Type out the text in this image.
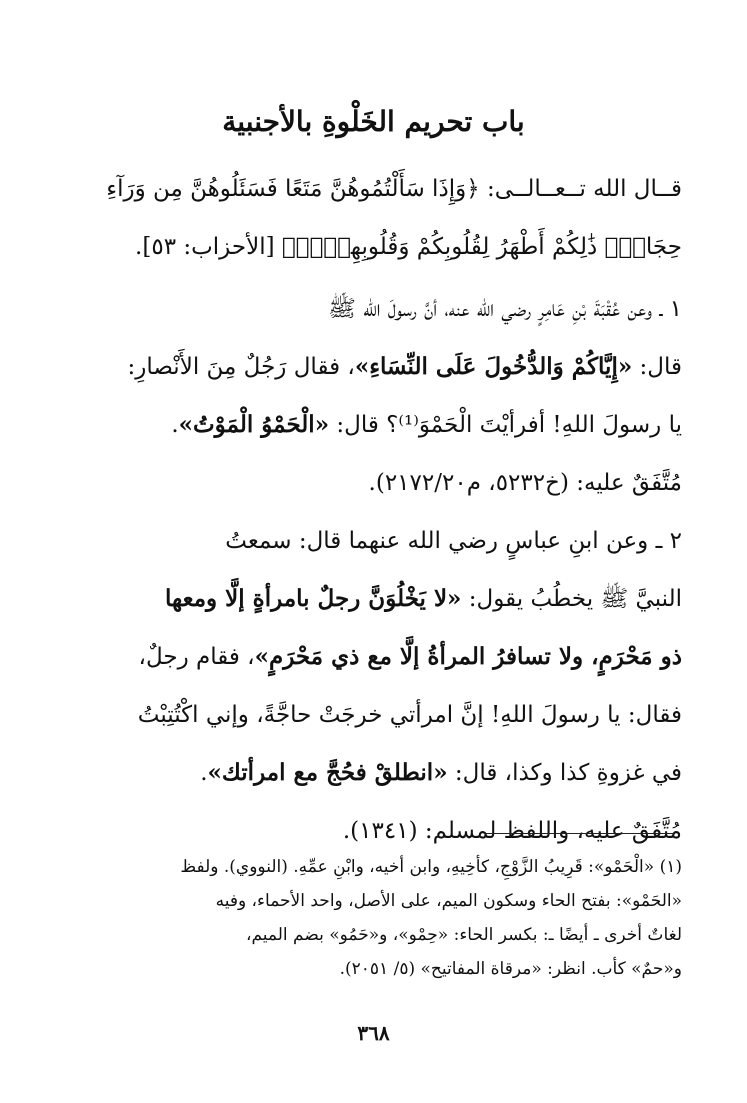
باب تحريم الخَلْوةِ بالأجنبية
قــال الله تــعــالــى: ﴿وَإِذَا سَأَلْتُمُوهُنَّ مَتَعًا فَسَئَلُوهُنَّ مِن وَرَآءِ
حِجَابٍۚ ذَٰلِكُمْ أَطْهَرُ لِقُلُوبِكُمْ وَقُلُوبِهِنَّۚ﴾ [الأحزاب: ٥٣].
١ ـ وعن عُقْبَةَ بْنِ عَامِرٍ رضي الله عنه، أنَّ رسولَ الله ﷺ
قال: «إِيَّاكُمْ وَالدُّخُولَ عَلَى النِّسَاءِ»، فقال رَجُلٌ مِنَ الأَنْصارِ:
يا رسولَ اللهِ! أفرأيْتَ الْحَمْوَ⁽¹⁾؟ قال: «الْحَمْوُ الْمَوْتُ».
مُتَّفَقٌ عليه: (خ٥٢٣٢، م٢١٧٢/٢٠).
٢ ـ وعن ابنِ عباسٍ رضي الله عنهما قال: سمعتُ
النبيَّ ﷺ يخطُبُ يقول: «لا يَخْلُوَنَّ رجلٌ بامرأةٍ إلَّا ومعها
ذو مَحْرَمٍ، ولا تسافرُ المرأةُ إلَّا مع ذي مَحْرَمٍ»، فقام رجلٌ،
فقال: يا رسولَ اللهِ! إنَّ امرأتي خرجَتْ حاجَّةً، وإني اكْتُتِبْتُ
في غزوةِ كذا وكذا، قال: «انطلقْ فحُجَّ مع امرأتك».
مُتَّفَقٌ عليه، واللفظ لمسلم: (١٣٤١).
(١) «الْحَمْو»: قَرِيبُ الزَّوْجِ، كأخِيهِ، وابن أخيه، وابْنِ عمِّهِ. (النووي). ولفظ
«الحَمْو»: بفتح الحاء وسكون الميم، على الأصل، واحد الأحماء، وفيه
لغاتٌ أخرى ـ أيضًا ـ: بكسر الحاء: «حِمْو»، و«حَمُو» بضم الميم،
و«حمٌ» كأب. انظر: «مرقاة المفاتيح» (٥/ ٢٠٥١).
٣٦٨
